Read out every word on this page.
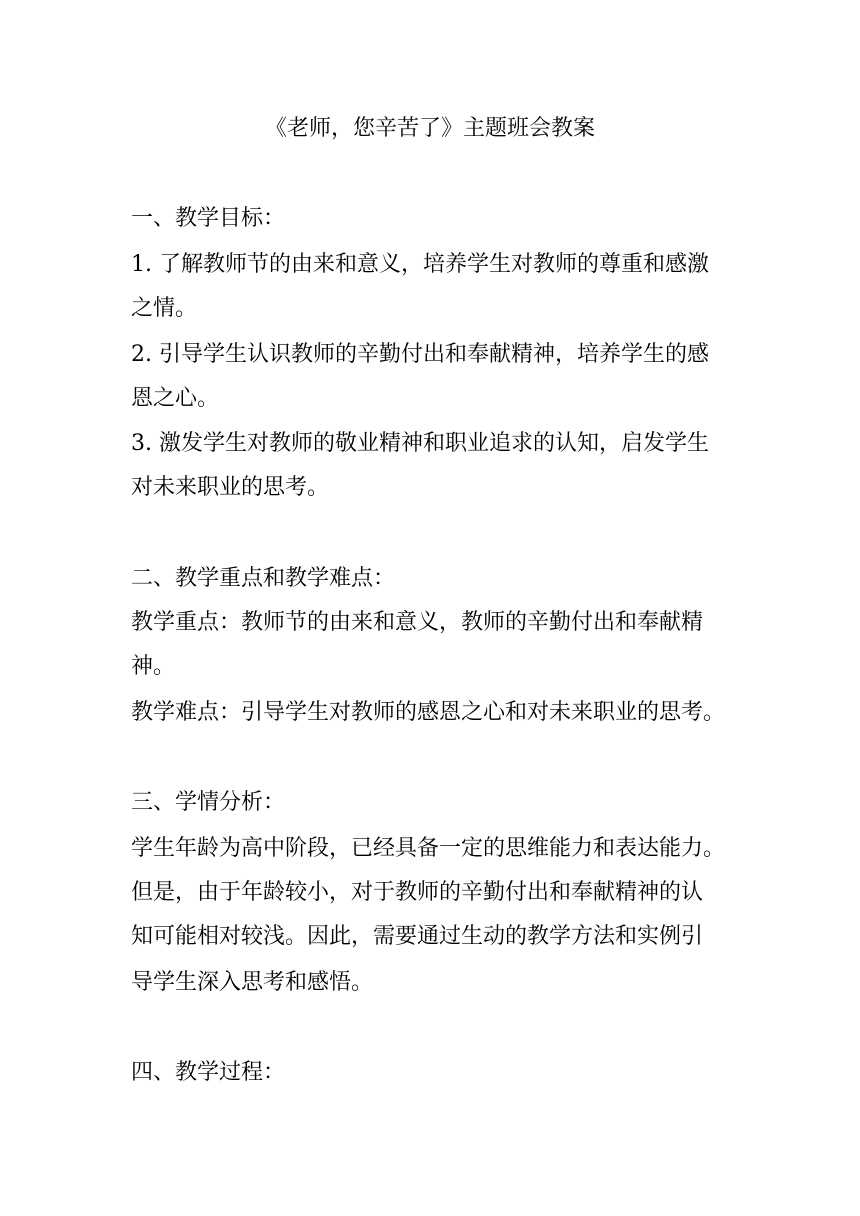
《老师，您辛苦了》主题班会教案
一、教学目标：
1. 了解教师节的由来和意义，培养学生对教师的尊重和感激
之情。
2. 引导学生认识教师的辛勤付出和奉献精神，培养学生的感
恩之心。
3. 激发学生对教师的敬业精神和职业追求的认知，启发学生
对未来职业的思考。
二、教学重点和教学难点：
教学重点：教师节的由来和意义，教师的辛勤付出和奉献精
神。
教学难点：引导学生对教师的感恩之心和对未来职业的思考。
三、学情分析：
学生年龄为高中阶段，已经具备一定的思维能力和表达能力。
但是，由于年龄较小，对于教师的辛勤付出和奉献精神的认
知可能相对较浅。因此，需要通过生动的教学方法和实例引
导学生深入思考和感悟。
四、教学过程：
